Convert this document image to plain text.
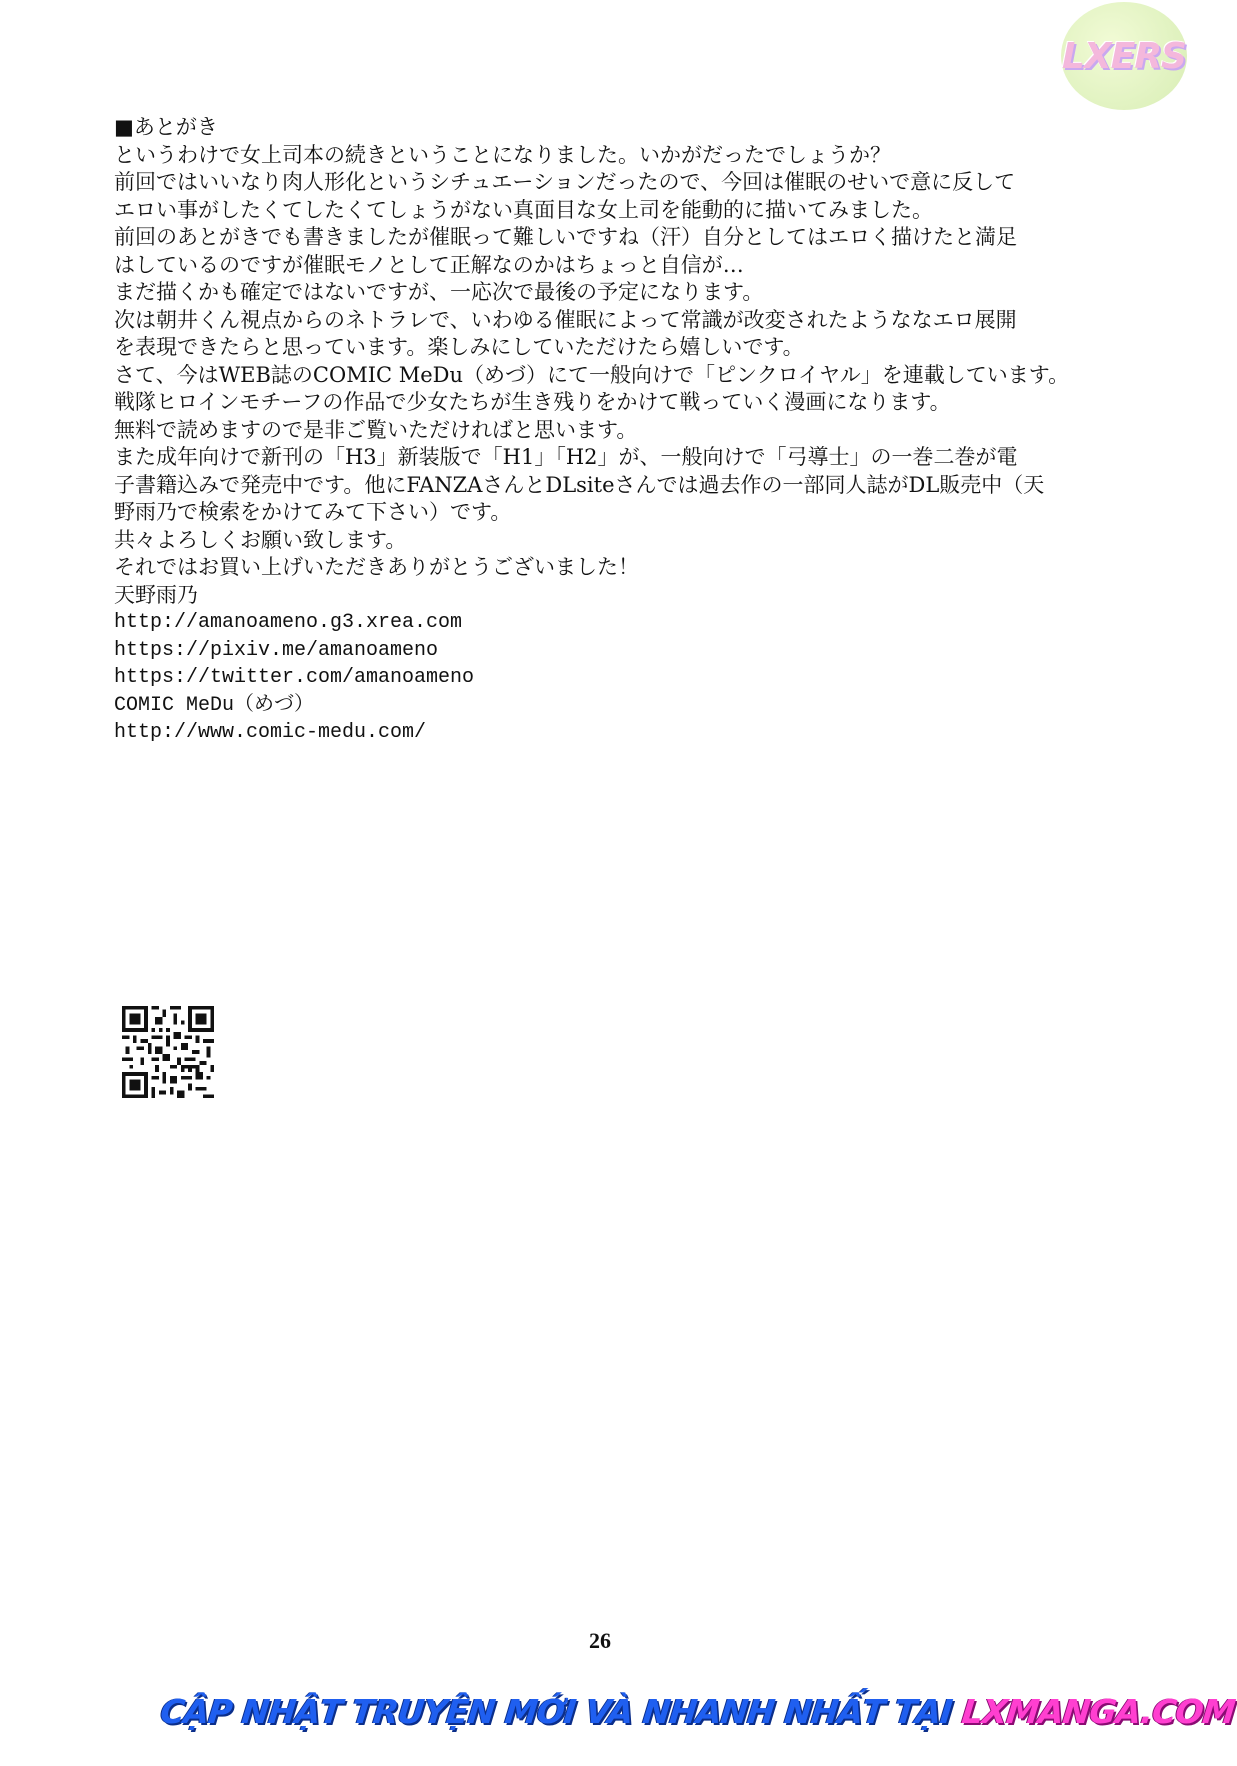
LXERS

■あとがき

というわけで女上司本の続きということになりました。いかがだったでしょうか？

前回ではいいなり肉人形化というシチュエーションだったので、今回は催眠のせいで意に反して

エロい事がしたくてしたくてしょうがない真面目な女上司を能動的に描いてみました。

前回のあとがきでも書きましたが催眠って難しいですね（汗）自分としてはエロく描けたと満足

はしているのですが催眠モノとして正解なのかはちょっと自信が…

まだ描くかも確定ではないですが、一応次で最後の予定になります。

次は朝井くん視点からのネトラレで、いわゆる催眠によって常識が改変されたようななエロ展開

を表現できたらと思っています。楽しみにしていただけたら嬉しいです。

さて、今はWEB誌のCOMIC MeDu（めづ）にて一般向けで「ピンクロイヤル」を連載しています。

戦隊ヒロインモチーフの作品で少女たちが生き残りをかけて戦っていく漫画になります。

無料で読めますので是非ご覧いただければと思います。

また成年向けで新刊の「H3」新装版で「H1」「H2」が、一般向けで「弓導士」の一巻二巻が電

子書籍込みで発売中です。他にFANZAさんとDLsiteさんでは過去作の一部同人誌がDL販売中（天

野雨乃で検索をかけてみて下さい）です。

共々よろしくお願い致します。

それではお買い上げいただきありがとうございました！

天野雨乃

http://amanoameno.g3.xrea.com

https://pixiv.me/amanoameno

https://twitter.com/amanoameno

COMIC MeDu（めづ）

http://www.comic-medu.com/

26
CẬP NHẬT TRUYỆN MỚI VÀ NHANH NHẤT TẠI LXMANGA.COM
